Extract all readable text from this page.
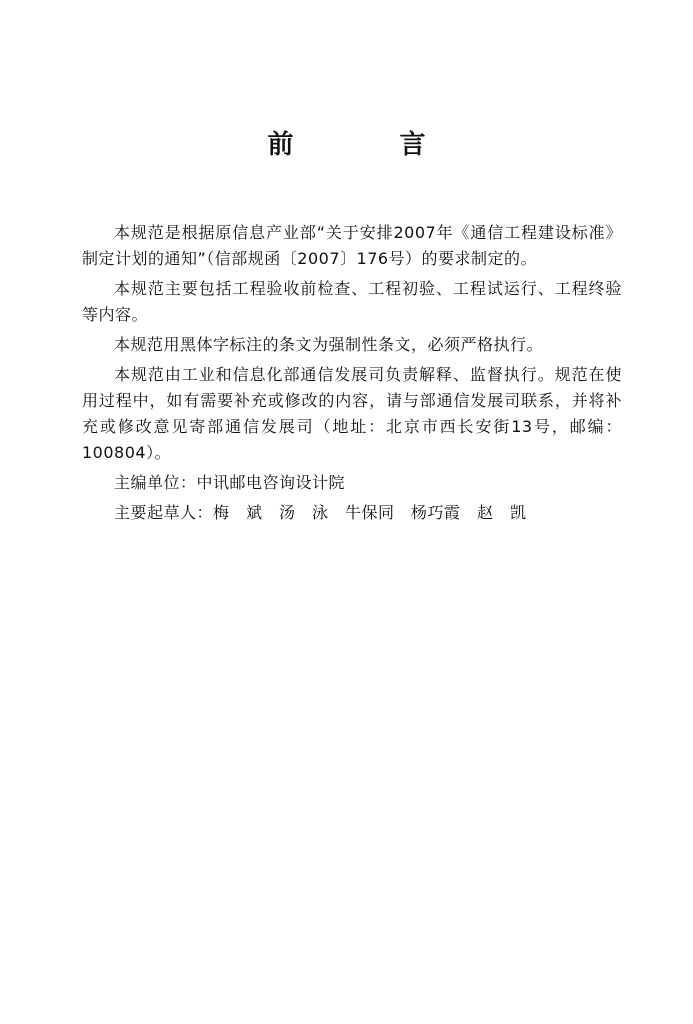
前　言

本规范是根据原信息产业部“关于安排2007年《通信工程建设标准》制定计划的通知”（信部规函〔2007〕176号）的要求制定的。

本规范主要包括工程验收前检查、工程初验、工程试运行、工程终验等内容。

本规范用黑体字标注的条文为强制性条文，必须严格执行。

本规范由工业和信息化部通信发展司负责解释、监督执行。规范在使用过程中，如有需要补充或修改的内容，请与部通信发展司联系，并将补充或修改意见寄部通信发展司（地址：北京市西长安街13号，邮编：100804）。

主编单位：中讯邮电咨询设计院

主要起草人：梅　斌　汤　泳　牛保同　杨巧霞　赵　凯
